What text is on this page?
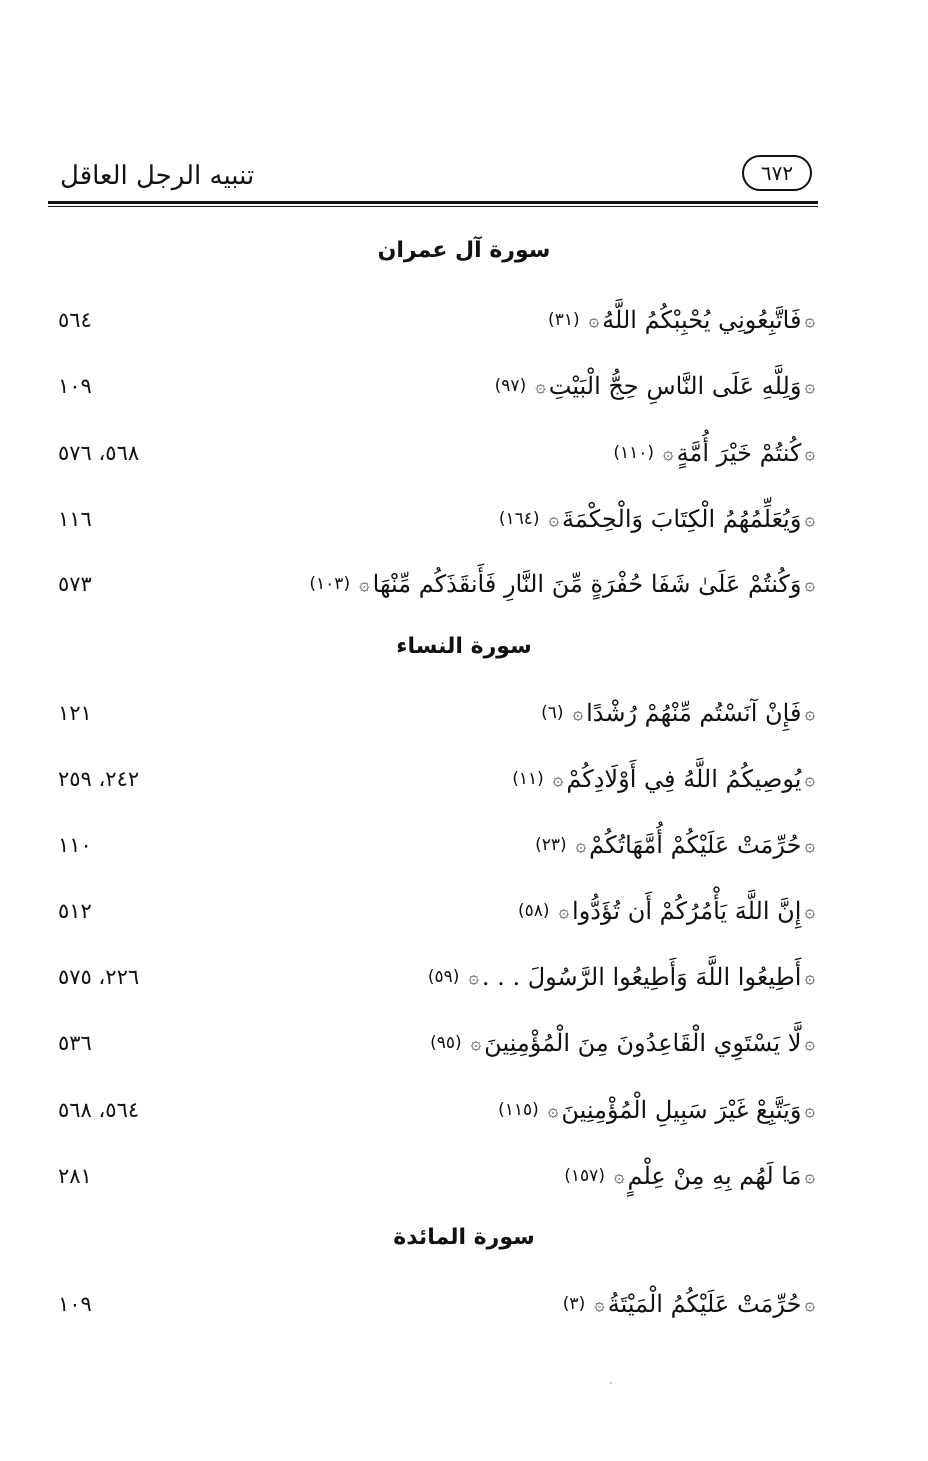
تنبيه الرجل العاقل	٦٧٢
سورة آل عمران
۞
فَاتَّبِعُونِي يُحْبِبْكُمُ اللَّهُ
۞
(٣١)
٥٦٤
۞
وَلِلَّهِ عَلَى النَّاسِ حِجُّ الْبَيْتِ
۞
(٩٧)
١٠٩
۞
كُنتُمْ خَيْرَ أُمَّةٍ
۞
(١١٠)
٥٦٨، ٥٧٦
۞
وَيُعَلِّمُهُمُ الْكِتَابَ وَالْحِكْمَةَ
۞
(١٦٤)
١١٦
۞
وَكُنتُمْ عَلَىٰ شَفَا حُفْرَةٍ مِّنَ النَّارِ فَأَنقَذَكُم مِّنْهَا
۞
(١٠٣)
٥٧٣
سورة النساء
۞
فَإِنْ آنَسْتُم مِّنْهُمْ رُشْدًا
۞
(٦)
١٢١
۞
يُوصِيكُمُ اللَّهُ فِي أَوْلَادِكُمْ
۞
(١١)
٢٤٢، ٢٥٩
۞
حُرِّمَتْ عَلَيْكُمْ أُمَّهَاتُكُمْ
۞
(٢٣)
١١٠
۞
إِنَّ اللَّهَ يَأْمُرُكُمْ أَن تُؤَدُّوا
۞
(٥٨)
٥١٢
۞
أَطِيعُوا اللَّهَ وَأَطِيعُوا الرَّسُولَ . . .
۞
(٥٩)
٢٢٦، ٥٧٥
۞
لَّا يَسْتَوِي الْقَاعِدُونَ مِنَ الْمُؤْمِنِينَ
۞
(٩٥)
٥٣٦
۞
وَيَتَّبِعْ غَيْرَ سَبِيلِ الْمُؤْمِنِينَ
۞
(١١٥)
٥٦٤، ٥٦٨
۞
مَا لَهُم بِهِ مِنْ عِلْمٍ
۞
(١٥٧)
٢٨١
سورة المائدة
۞
حُرِّمَتْ عَلَيْكُمُ الْمَيْتَةُ
۞
(٣)
١٠٩
